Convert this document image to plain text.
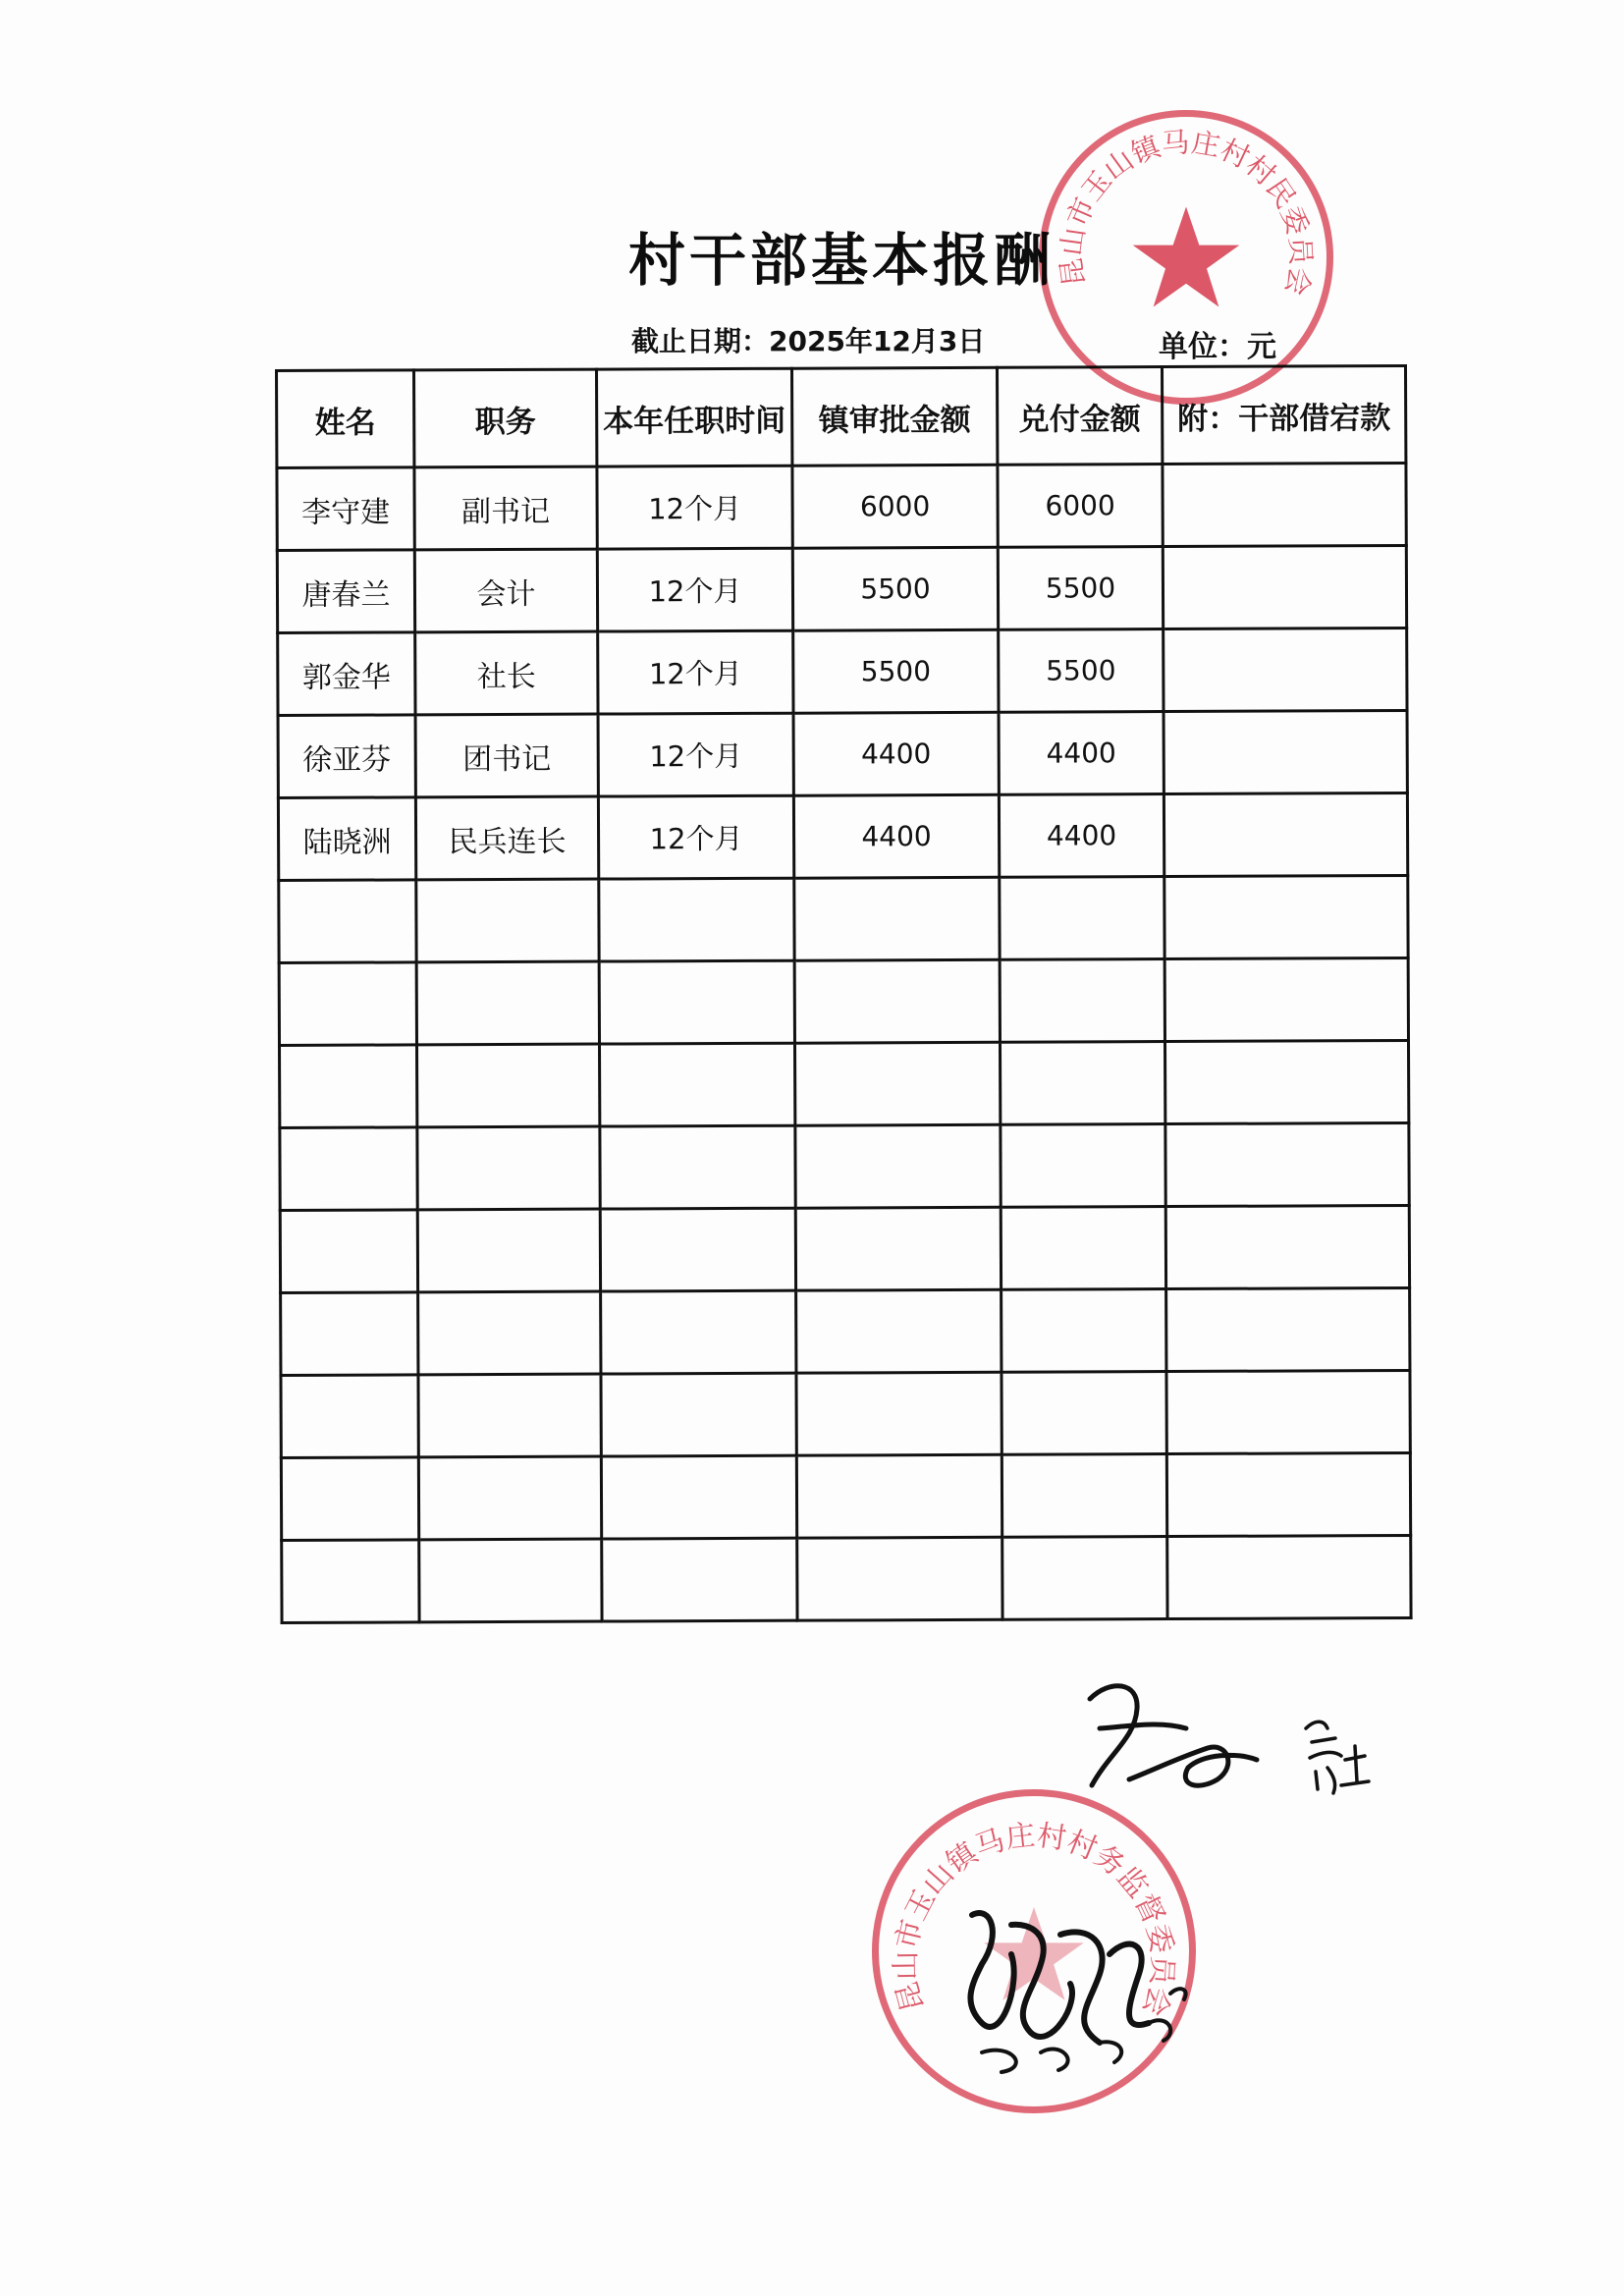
村干部基本报酬
截止日期：2025年12月3日	单位：元
姓名	职务	本年任职时间	镇审批金额	兑付金额	附：干部借宕款
李守建	副书记	12个月	6000	6000	
唐春兰	会计	12个月	5500	5500	
郭金华	社长	12个月	5500	5500	
徐亚芬	团书记	12个月	4400	4400	
陆晓洲	民兵连长	12个月	4400	4400	

昆山市玉山镇马庄村村民委员会
昆山市玉山镇马庄村村务监督委员会
